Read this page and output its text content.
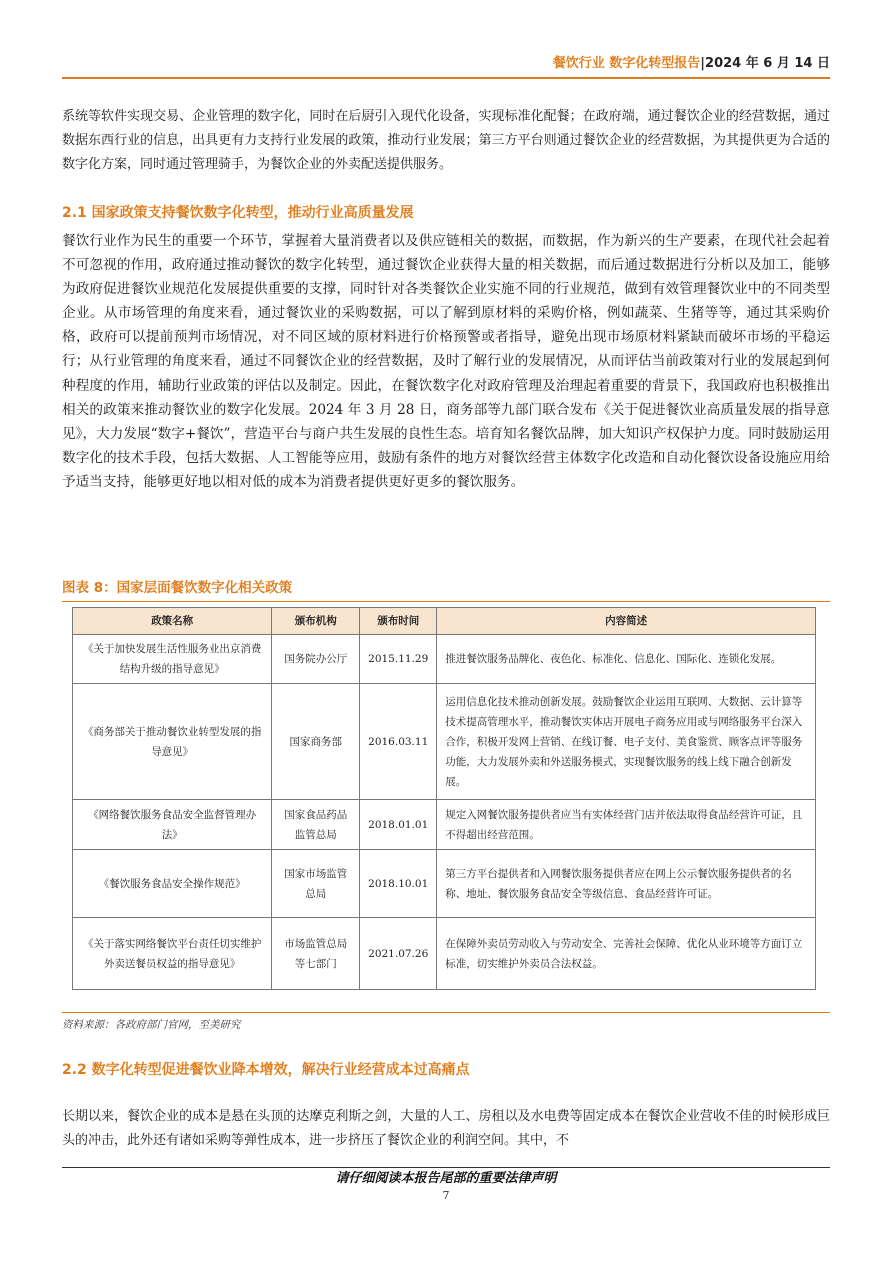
餐饮行业 数字化转型报告|2024 年 6 月 14 日

系统等软件实现交易、企业管理的数字化，同时在后厨引入现代化设备，实现标准化配餐；在政府端，通过餐饮企业的经营数据，通过数据东西行业的信息，出具更有力支持行业发展的政策，推动行业发展；第三方平台则通过餐饮企业的经营数据，为其提供更为合适的数字化方案，同时通过管理骑手，为餐饮企业的外卖配送提供服务。

2.1 国家政策支持餐饮数字化转型，推动行业高质量发展

餐饮行业作为民生的重要一个环节，掌握着大量消费者以及供应链相关的数据，而数据，作为新兴的生产要素，在现代社会起着不可忽视的作用，政府通过推动餐饮的数字化转型，通过餐饮企业获得大量的相关数据，而后通过数据进行分析以及加工，能够为政府促进餐饮业规范化发展提供重要的支撑，同时针对各类餐饮企业实施不同的行业规范，做到有效管理餐饮业中的不同类型企业。从市场管理的角度来看，通过餐饮业的采购数据，可以了解到原材料的采购价格，例如蔬菜、生猪等等，通过其采购价格，政府可以提前预判市场情况，对不同区域的原材料进行价格预警或者指导，避免出现市场原材料紧缺而破坏市场的平稳运行；从行业管理的角度来看，通过不同餐饮企业的经营数据，及时了解行业的发展情况，从而评估当前政策对行业的发展起到何种程度的作用，辅助行业政策的评估以及制定。因此，在餐饮数字化对政府管理及治理起着重要的背景下，我国政府也积极推出相关的政策来推动餐饮业的数字化发展。2024 年 3 月 28 日，商务部等九部门联合发布《关于促进餐饮业高质量发展的指导意见》，大力发展“数字+餐饮”，营造平台与商户共生发展的良性生态。培育知名餐饮品牌，加大知识产权保护力度。同时鼓励运用数字化的技术手段，包括大数据、人工智能等应用，鼓励有条件的地方对餐饮经营主体数字化改造和自动化餐饮设备设施应用给予适当支持，能够更好地以相对低的成本为消费者提供更好更多的餐饮服务。

图表 8：国家层面餐饮数字化相关政策
政策名称	颁布机构	颁布时间	内容简述
《关于加快发展生活性服务业出京消费结构升级的指导意见》	国务院办公厅	2015.11.29	推进餐饮服务品牌化、夜色化、标准化、信息化、国际化、连锁化发展。
《商务部关于推动餐饮业转型发展的指导意见》	国家商务部	2016.03.11	运用信息化技术推动创新发展。鼓励餐饮企业运用互联网、大数据、云计算等技术提高管理水平，推动餐饮实体店开展电子商务应用或与网络服务平台深入合作，积极开发网上营销、在线订餐、电子支付、美食鉴赏、顾客点评等服务功能，大力发展外卖和外送服务模式，实现餐饮服务的线上线下融合创新发展。
《网络餐饮服务食品安全监督管理办法》	国家食品药品监管总局	2018.01.01	规定入网餐饮服务提供者应当有实体经营门店并依法取得食品经营许可证，且不得超出经营范围。
《餐饮服务食品安全操作规范》	国家市场监管总局	2018.10.01	第三方平台提供者和入网餐饮服务提供者应在网上公示餐饮服务提供者的名称、地址、餐饮服务食品安全等级信息、食品经营许可证。
《关于落实网络餐饮平台责任切实维护外卖送餐员权益的指导意见》	市场监管总局等七部门	2021.07.26	在保障外卖员劳动收入与劳动安全、完善社会保障、优化从业环境等方面订立标准，切实维护外卖员合法权益。
资料来源：各政府部门官网，至美研究
2.2 数字化转型促进餐饮业降本增效，解决行业经营成本过高痛点

长期以来，餐饮企业的成本是悬在头顶的达摩克利斯之剑，大量的人工、房租以及水电费等固定成本在餐饮企业营收不佳的时候形成巨头的冲击，此外还有诸如采购等弹性成本，进一步挤压了餐饮企业的利润空间。其中，不

请仔细阅读本报告尾部的重要法律声明
7
